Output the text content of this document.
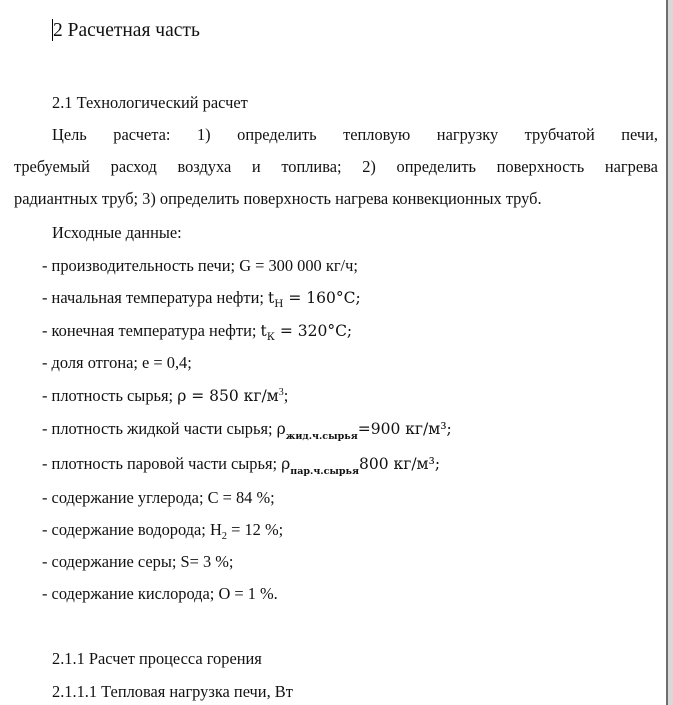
2 Расчетная часть
2.1 Технологический расчет
Цель расчета: 1) определить тепловую нагрузку трубчатой печи,
требуемый расход воздуха и топлива; 2) определить поверхность нагрева
радиантных труб; 3) определить поверхность нагрева конвекционных труб.
Исходные данные:
- производительность печи; G = 300 000 кг/ч;
- начальная температура нефти; $t_Н = 160^\circ С$;
- конечная температура нефти; $t_К = 320^\circ С$;
- доля отгона; e = 0,4;
- плотность сырья; ρ = 850 $кг/м^3$;
- плотность жидкой части сырья; $\rho_{жид.ч.сырья}=900$ кг/м³;
- плотность паровой части сырья; $\rho_{пар.ч.сырья}800$ кг/м³;
- содержание углерода; С = 84 %;
- содержание водорода; $H_2 = 12$ %;
- содержание серы; S= 3 %;
- содержание кислорода; O = 1 %.
2.1.1 Расчет процесса горения
2.1.1.1 Тепловая нагрузка печи, Вт
